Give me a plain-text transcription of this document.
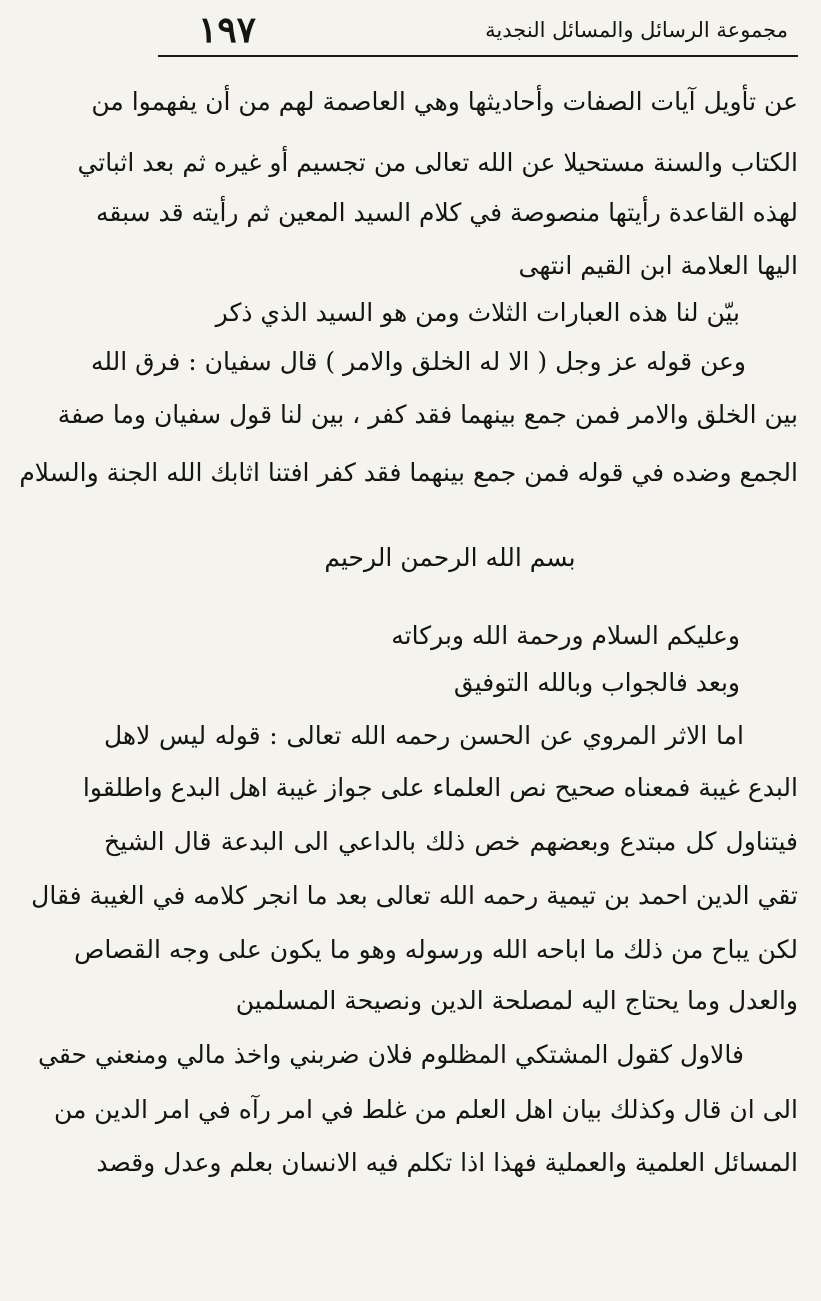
١٩٧	مجموعة الرسائل والمسائل النجدية
عن تأويل آيات الصفات وأحاديثها وهي العاصمة لهم من أن يفهموا من
الكتاب والسنة مستحيلا عن الله تعالى من تجسيم أو غيره ثم بعد اثباتي
لهذه القاعدة رأيتها منصوصة في كلام السيد المعين ثم رأيته قد سبقه
اليها العلامة ابن القيم انتهى
بيّن لنا هذه العبارات الثلاث ومن هو السيد الذي ذكر
وعن قوله عز وجل ( الا له الخلق والامر ) قال سفيان : فرق الله
بين الخلق والامر فمن جمع بينهما فقد كفر ، بين لنا قول سفيان وما صفة
الجمع وضده في قوله فمن جمع بينهما فقد كفر افتنا اثابك الله الجنة والسلام
بسم الله الرحمن الرحيم
وعليكم السلام ورحمة الله وبركاته
وبعد فالجواب وبالله التوفيق
اما الاثر المروي عن الحسن رحمه الله تعالى : قوله ليس لاهل
البدع غيبة فمعناه صحيح نص العلماء على جواز غيبة اهل البدع واطلقوا
فيتناول كل مبتدع وبعضهم خص ذلك بالداعي الى البدعة قال الشيخ
تقي الدين احمد بن تيمية رحمه الله تعالى بعد ما انجر كلامه في الغيبة فقال
لكن يباح من ذلك ما اباحه الله ورسوله وهو ما يكون على وجه القصاص
والعدل وما يحتاج اليه لمصلحة الدين ونصيحة المسلمين
فالاول كقول المشتكي المظلوم فلان ضربني واخذ مالي ومنعني حقي
الى ان قال وكذلك بيان اهل العلم من غلط في امر رآه في امر الدين من
المسائل العلمية والعملية فهذا اذا تكلم فيه الانسان بعلم وعدل وقصد
